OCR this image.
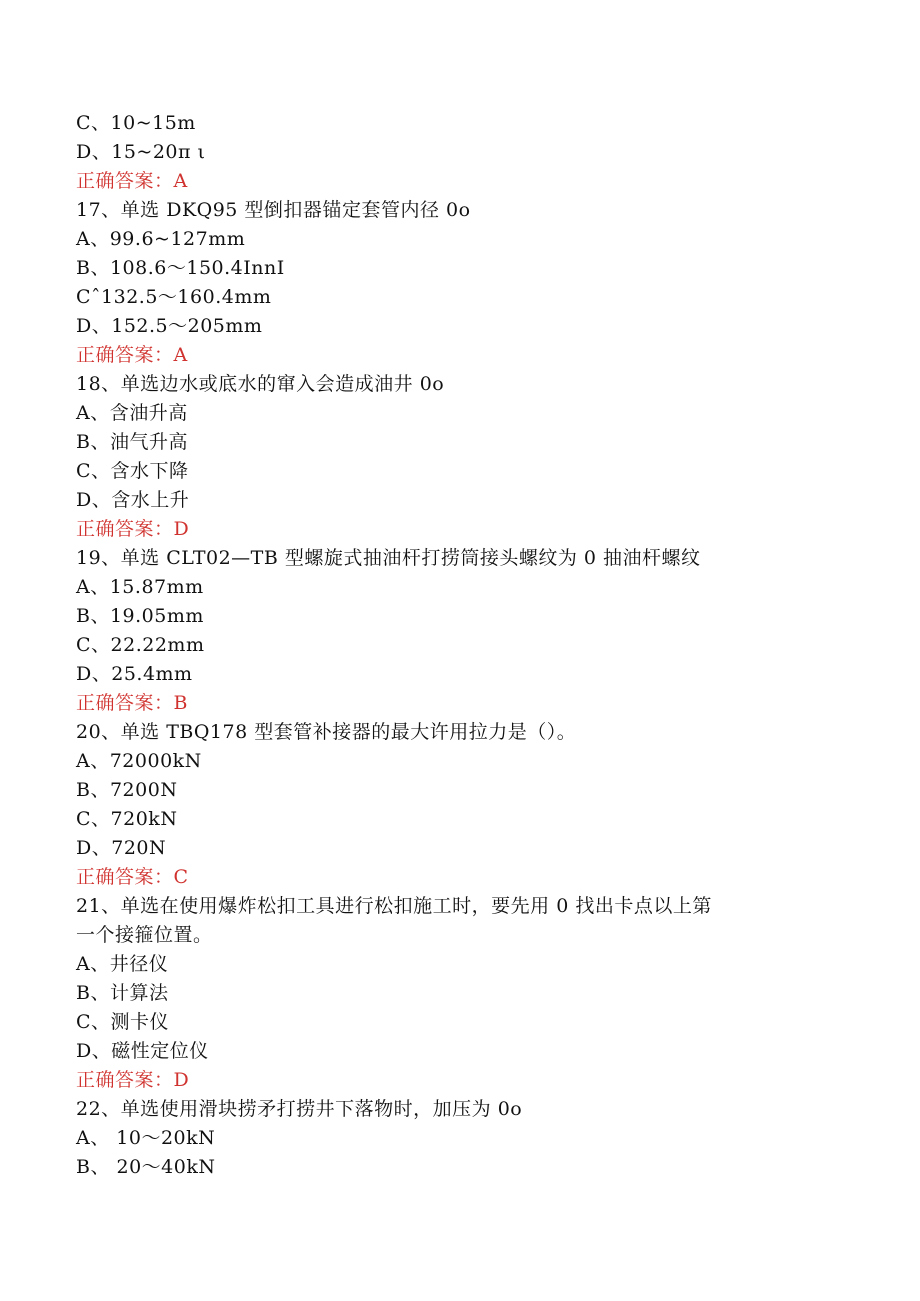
C、10~15m
D、15~20π ι
正确答案：A
17、单选 DKQ95 型倒扣器锚定套管内径 0o
A、99.6~127mm
B、108.6～150.4InnI
Cˆ132.5～160.4mm
D、152.5～205mm
正确答案：A
18、单选边水或底水的窜入会造成油井 0o
A、含油升高
B、油气升高
C、含水下降
D、含水上升
正确答案：D
19、单选 CLT02—TB 型螺旋式抽油杆打捞筒接头螺纹为 0 抽油杆螺纹
A、15.87mm
B、19.05mm
C、22.22mm
D、25.4mm
正确答案：B
20、单选 TBQ178 型套管补接器的最大许用拉力是（）。
A、72000kN
B、7200N
C、720kN
D、720N
正确答案：C
21、单选在使用爆炸松扣工具进行松扣施工时，要先用 0 找出卡点以上第
一个接箍位置。
A、井径仪
B、计算法
C、测卡仪
D、磁性定位仪
正确答案：D
22、单选使用滑块捞矛打捞井下落物时，加压为 0o
A、 10～20kN
B、 20～40kN
